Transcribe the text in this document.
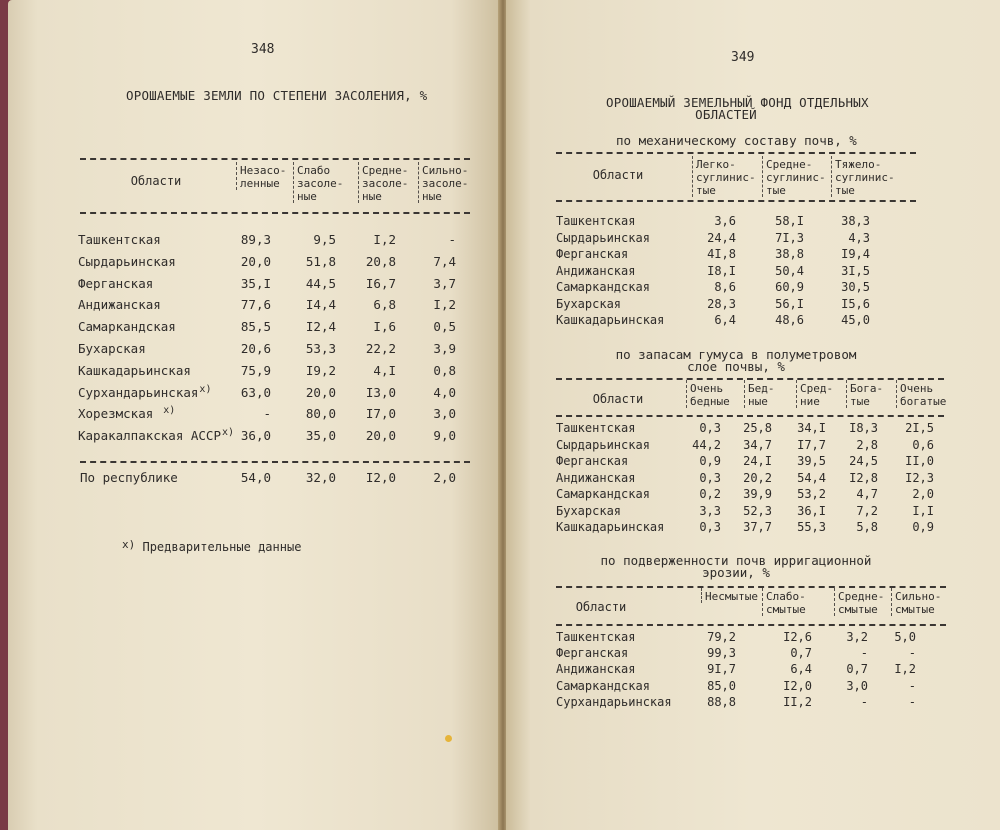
348
ОРОШАЕМЫЕ ЗЕМЛИ ПО СТЕПЕНИ ЗАСОЛЕНИЯ, %
Области
Незасо-
ленные
Слабо
засоле-
ные
Средне-
засоле-
ные
Сильно-
засоле-
ные
Ташкентская	89,3	9,5	I,2	-
Сырдарьинская	20,0	51,8	20,8	7,4
Ферганская	35,I	44,5	I6,7	3,7
Андижанская	77,6	I4,4	6,8	I,2
Самаркандская	85,5	I2,4	I,6	0,5
Бухарская	20,6	53,3	22,2	3,9
Кашкадарьинская	75,9	I9,2	4,I	0,8
Сурхандарьинская$^{x)}$	63,0	20,0	I3,0	4,0
Хорезмская $^{x)}$	-	80,0	I7,0	3,0
Каракалпакская АССР$^{x)}$ 36,0	35,0	20,0	9,0
По республике	54,0	32,0	I2,0	2,0
x) Предварительные данные
349
ОРОШАЕМЫЙ ЗЕМЕЛЬНЫЙ ФОНД ОТДЕЛЬНЫХ
ОБЛАСТЕЙ
по механическому составу почв, %
Области
Легко-
суглинис-
тые
Средне-
суглинис-
тые
Тяжело-
суглинис-
тые
Ташкентская	3,6	58,I	38,3
Сырдарьинская	24,4	7I,3	4,3
Ферганская	4I,8	38,8	I9,4
Андижанская	I8,I	50,4	3I,5
Самаркандская	8,6	60,9	30,5
Бухарская	28,3	56,I	I5,6
Кашкадарьинская	6,4	48,6	45,0
по запасам гумуса в полуметровом
слое почвы, %
Области
Очень
бедные
Бед-
ные
Сред-
ние
Бога-
тые
Очень
богатые
Ташкентская	0,3	25,8	34,I	I8,3	2I,5
Сырдарьинская	44,2	34,7	I7,7	2,8	0,6
Ферганская	0,9	24,I	39,5	24,5	II,0
Андижанская	0,3	20,2	54,4	I2,8	I2,3
Самаркандская	0,2	39,9	53,2	4,7	2,0
Бухарская	3,3	52,3	36,I	7,2	I,I
Кашкадарьинская	0,3	37,7	55,3	5,8	0,9
по подверженности почв ирригационной
эрозии, %
Области
Несмытые Слабо-
смытые
Средне-
смытые
Сильно-
смытые
Ташкентская	79,2	I2,6	3,2	5,0
Ферганская	99,3	0,7	-	-
Андижанская	9I,7	6,4	0,7	I,2
Самаркандская	85,0	I2,0	3,0	-
Сурхандарьинская	88,8	II,2	-	-
